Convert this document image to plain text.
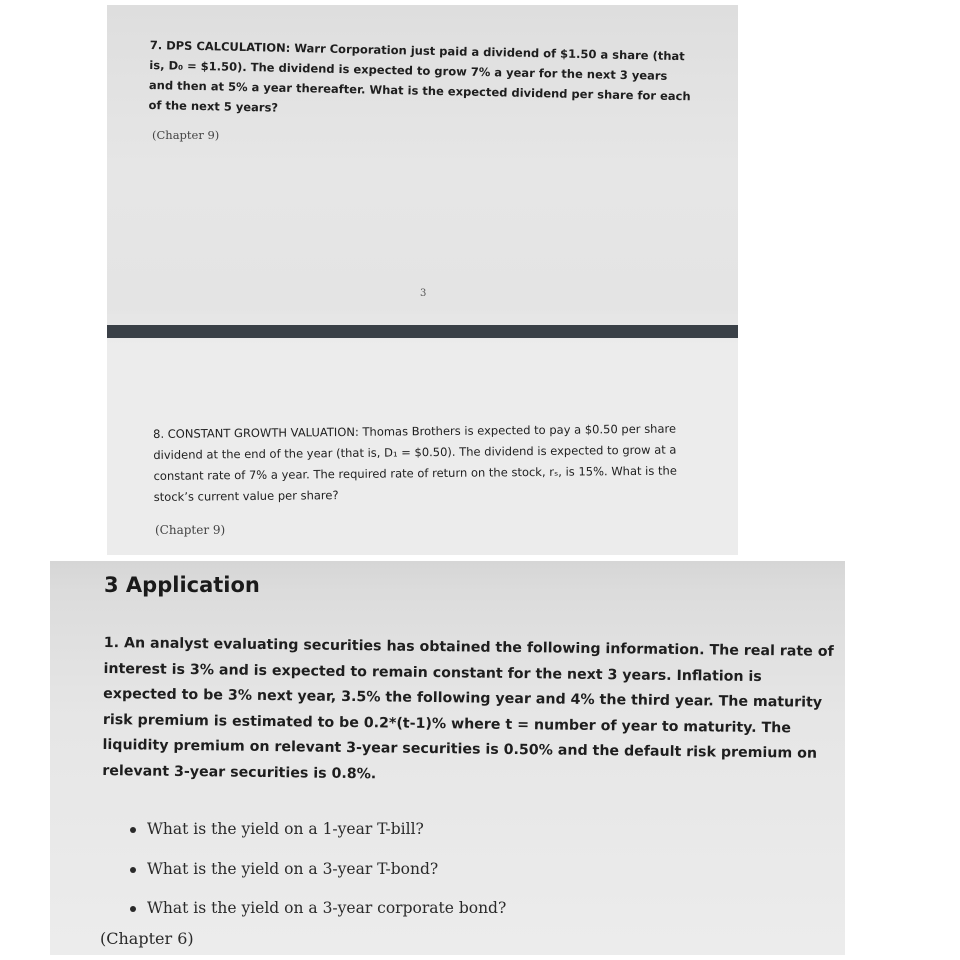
7. DPS CALCULATION: Warr Corporation just paid a dividend of $1.50 a share (that is, D₀ = $1.50). The dividend is expected to grow 7% a year for the next 3 years and then at 5% a year thereafter. What is the expected dividend per share for each of the next 5 years?
(Chapter 9)
3
8. CONSTANT GROWTH VALUATION: Thomas Brothers is expected to pay a $0.50 per share dividend at the end of the year (that is, D₁ = $0.50). The dividend is expected to grow at a constant rate of 7% a year. The required rate of return on the stock, rₛ, is 15%. What is the stock’s current value per share?
(Chapter 9)
3 Application
1. An analyst evaluating securities has obtained the following information. The real rate of interest is 3% and is expected to remain constant for the next 3 years. Inflation is expected to be 3% next year, 3.5% the following year and 4% the third year. The maturity risk premium is estimated to be 0.2*(t-1)% where t = number of year to maturity. The liquidity premium on relevant 3-year securities is 0.50% and the default risk premium on relevant 3-year securities is 0.8%.
What is the yield on a 1-year T-bill?
What is the yield on a 3-year T-bond?
What is the yield on a 3-year corporate bond?
(Chapter 6)
